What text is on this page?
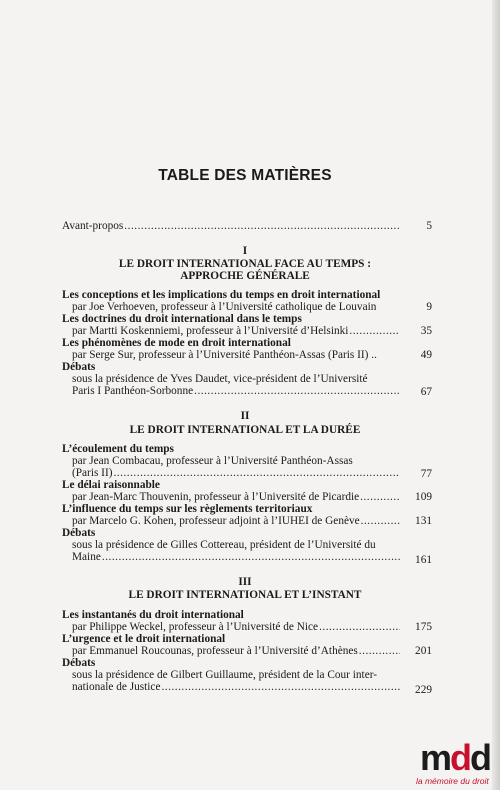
TABLE DES MATIÈRES
Avant-propos .....	5
I
LE DROIT INTERNATIONAL FACE AU TEMPS :
APPROCHE GÉNÉRALE
Les conceptions et les implications du temps en droit international
par Joe Verhoeven, professeur à l’Université catholique de Louvain	9
Les doctrines du droit international dans le temps
par Martti Koskenniemi, professeur à l’Université d’Helsinki .....	35
Les phénomènes de mode en droit international
par Serge Sur, professeur à l’Université Panthéon-Assas (Paris II) ..	49
Débats
sous la présidence de Yves Daudet, vice-président de l’Université
Paris I Panthéon-Sorbonne .....	67
II
LE DROIT INTERNATIONAL ET LA DURÉE
L’écoulement du temps
par Jean Combacau, professeur à l’Université Panthéon-Assas
(Paris II) .....	77
Le délai raisonnable
par Jean-Marc Thouvenin, professeur à l’Université de Picardie .....	109
L’influence du temps sur les règlements territoriaux
par Marcelo G. Kohen, professeur adjoint à l’IUHEI de Genève .....	131
Débats
sous la présidence de Gilles Cottereau, président de l’Université du
Maine .....	161
III
LE DROIT INTERNATIONAL ET L’INSTANT
Les instantanés du droit international
par Philippe Weckel, professeur à l’Université de Nice .....	175
L’urgence et le droit international
par Emmanuel Roucounas, professeur à l’Université d’Athènes .....	201
Débats
sous la présidence de Gilbert Guillaume, président de la Cour inter-
nationale de Justice .....	229
mdd
la mémoire du droit
